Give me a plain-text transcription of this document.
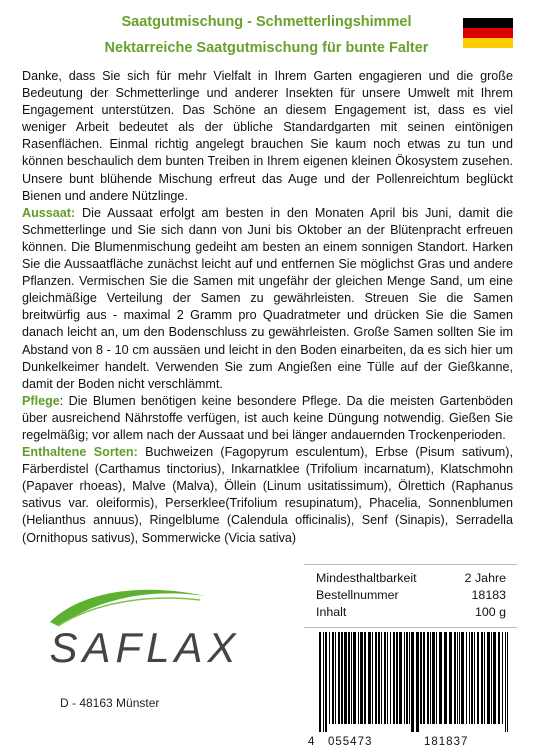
Saatgutmischung - Schmetterlingshimmel
Nektarreiche Saatgutmischung für bunte Falter

Danke, dass Sie sich für mehr Vielfalt in Ihrem Garten engagieren und die große Bedeutung der Schmetterlinge und anderer Insekten für unsere Umwelt mit Ihrem Engagement unterstützen. Das Schöne an diesem Engagement ist, dass es viel weniger Arbeit bedeutet als der übliche Standardgarten mit seinen eintönigen Rasenflächen. Einmal richtig angelegt brauchen Sie kaum noch etwas zu tun und können beschaulich dem bunten Treiben in Ihrem eigenen kleinen Ökosystem zusehen. Unsere bunt blühende Mischung erfreut das Auge und der Pollenreichtum beglückt Bienen und andere Nützlinge.

Aussaat: Die Aussaat erfolgt am besten in den Monaten April bis Juni, damit die Schmetterlinge und Sie sich dann von Juni bis Oktober an der Blütenpracht erfreuen können. Die Blumenmischung gedeiht am besten an einem sonnigen Standort. Harken Sie die Aussaatfläche zunächst leicht auf und entfernen Sie möglichst Gras und andere Pflanzen. Vermischen Sie die Samen mit ungefähr der gleichen Menge Sand, um eine gleichmäßige Verteilung der Samen zu gewährleisten. Streuen Sie die Samen breitwürfig aus - maximal 2 Gramm pro Quadratmeter und drücken Sie die Samen danach leicht an, um den Bodenschluss zu gewährleisten. Große Samen sollten Sie im Abstand von 8 - 10 cm aussäen und leicht in den Boden einarbeiten, da es sich hier um Dunkelkeimer handelt. Verwenden Sie zum Angießen eine Tülle auf der Gießkanne, damit der Boden nicht verschlämmt.

Pflege: Die Blumen benötigen keine besondere Pflege. Da die meisten Gartenböden über ausreichend Nährstoffe verfügen, ist auch keine Düngung notwendig. Gießen Sie regelmäßig; vor allem nach der Aussaat und bei länger andauernden Trockenperioden.

Enthaltene Sorten: Buchweizen (Fagopyrum esculentum), Erbse (Pisum sativum), Färberdistel (Carthamus tinctorius), Inkarnatklee (Trifolium incarnatum), Klatschmohn (Papaver rhoeas), Malve (Malva), Öllein (Linum usitatissimum), Ölrettich (Raphanus sativus var. oleiformis), Perserklee(Trifolium resupinatum), Phacelia, Sonnenblumen (Helianthus annuus), Ringelblume (Calendula officinalis), Senf (Sinapis), Serradella (Ornithopus sativus), Sommerwicke (Vicia sativa)

Mindesthaltbarkeit	2 Jahre
Bestellnummer	18183
Inhalt	100 g
SAFLAX
D - 48163 Münster
4 055473	181837
